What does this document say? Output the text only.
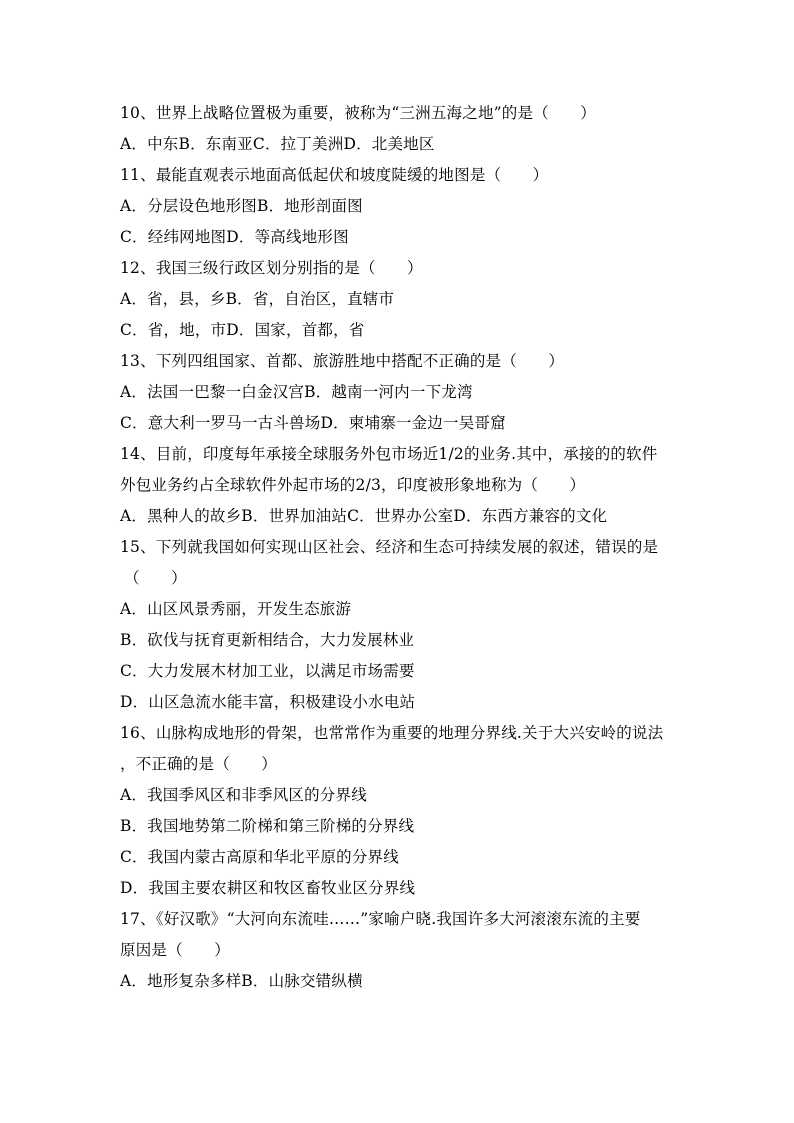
10、世界上战略位置极为重要，被称为“三洲五海之地”的是（　　）
A．中东B．东南亚C．拉丁美洲D．北美地区
11、最能直观表示地面高低起伏和坡度陡缓的地图是（　　）
A．分层设色地形图B．地形剖面图
C．经纬网地图D．等高线地形图
12、我国三级行政区划分别指的是（　　）
A．省，县，乡B．省，自治区，直辖市
C．省，地，市D．国家，首都，省
13、下列四组国家、首都、旅游胜地中搭配不正确的是（　　）
A．法国一巴黎一白金汉宫B．越南一河内一下龙湾
C．意大利一罗马一古斗兽场D．柬埔寨一金边一吴哥窟
14、目前，印度每年承接全球服务外包市场近1/2的业务.其中，承接的的软件
外包业务约占全球软件外起市场的2/3，印度被形象地称为（　　）
A．黑种人的故乡B．世界加油站C．世界办公室D．东西方兼容的文化
15、下列就我国如何实现山区社会、经济和生态可持续发展的叙述，错误的是
（　　）
A．山区风景秀丽，开发生态旅游
B．砍伐与抚育更新相结合，大力发展林业
C．大力发展木材加工业，以满足市场需要
D．山区急流水能丰富，积极建设小水电站
16、山脉构成地形的骨架，也常常作为重要的地理分界线.关于大兴安岭的说法
，不正确的是（　　）
A．我国季风区和非季风区的分界线
B．我国地势第二阶梯和第三阶梯的分界线
C．我国内蒙古高原和华北平原的分界线
D．我国主要农耕区和牧区畜牧业区分界线
17、《好汉歌》“大河向东流哇……”家喻户晓.我国许多大河滚滚东流的主要
原因是（　　）
A．地形复杂多样B．山脉交错纵横
